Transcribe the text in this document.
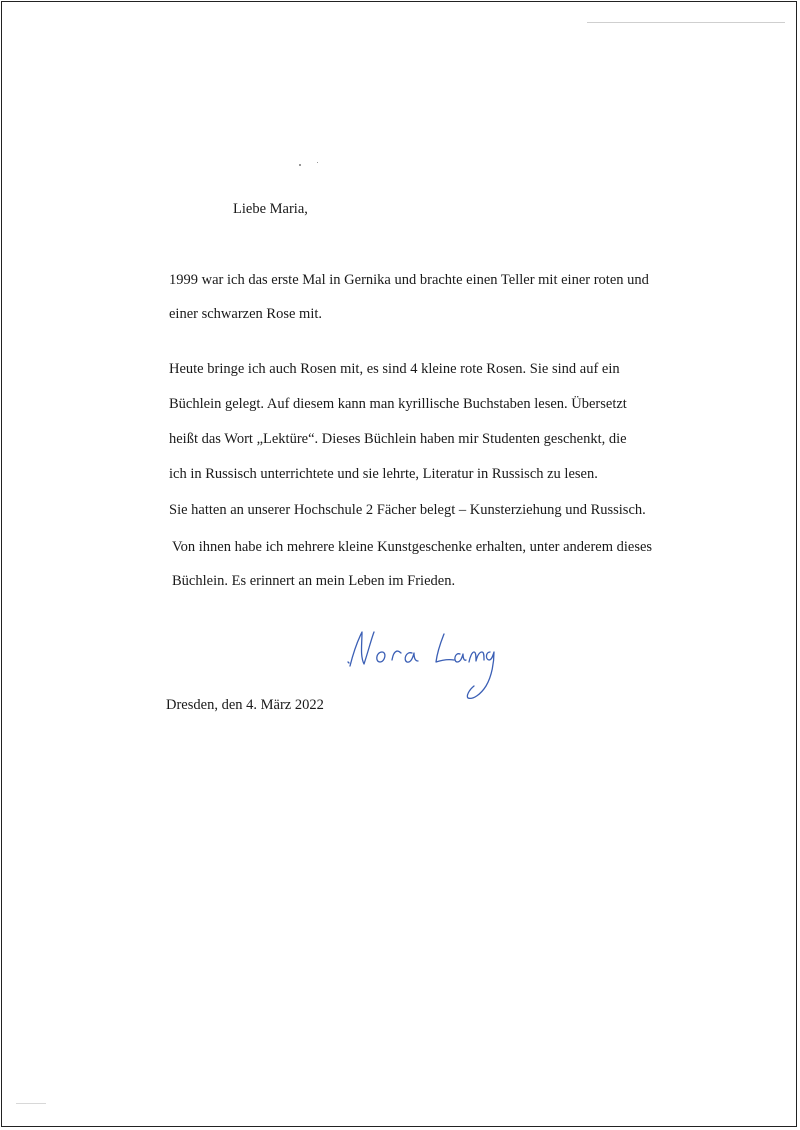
Liebe Maria,
1999 war ich das erste Mal in Gernika und brachte einen Teller mit einer roten und
einer schwarzen Rose mit.
Heute bringe ich auch Rosen mit, es sind 4 kleine rote Rosen. Sie sind auf ein
Büchlein gelegt. Auf diesem kann man kyrillische Buchstaben lesen. Übersetzt
heißt das Wort „Lektüre“. Dieses Büchlein haben mir Studenten geschenkt, die
ich in Russisch unterrichtete und sie lehrte, Literatur in Russisch zu lesen.
Sie hatten an unserer Hochschule 2 Fächer belegt – Kunsterziehung und Russisch.
Von ihnen habe ich mehrere kleine Kunstgeschenke erhalten, unter anderem dieses
Büchlein. Es erinnert an mein Leben im Frieden.
Dresden, den 4. März 2022
